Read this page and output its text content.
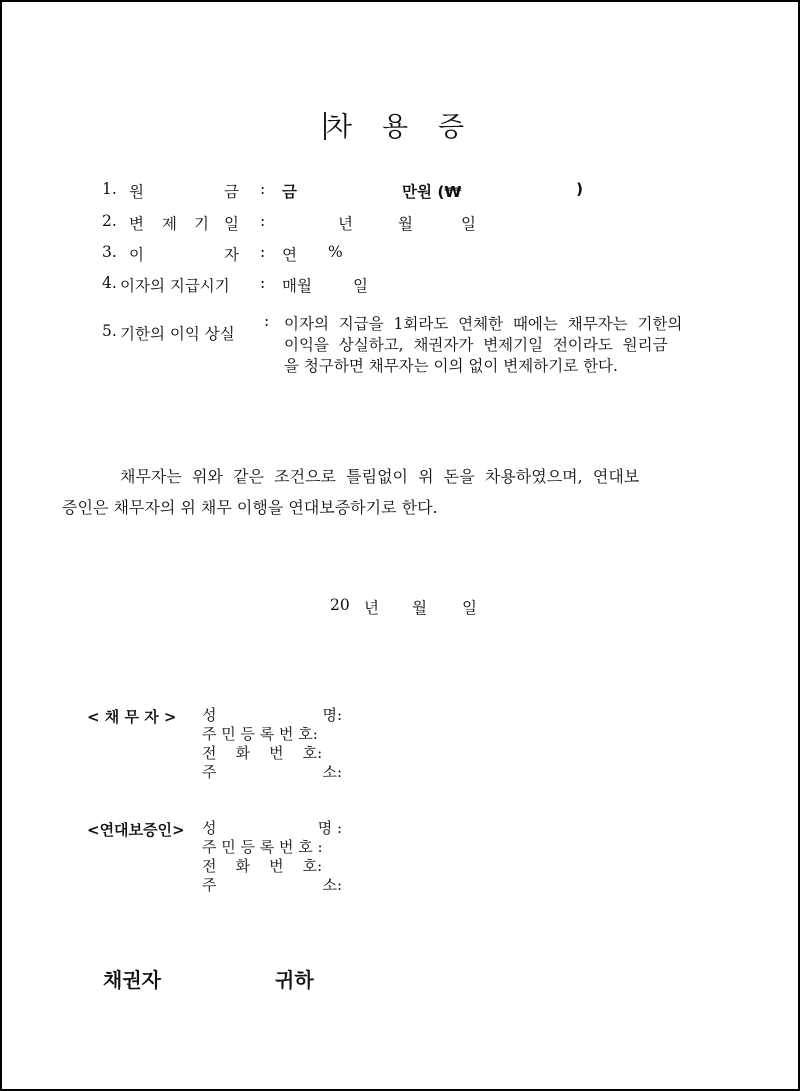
차 용 증
1. 원	금 : 금	만원 (₩	)
2. 변 제 기 일 :	년	월	일
3. 이	자 : 연 %
4. 이자의 지급시기 : 매월	일
5. 기한의 이익 상실
: 이자의  지급을  1회라도  연체한  때에는  채무자는  기한의
이익을  상실하고,  채권자가  변제기일  전이라도  원리금
을 청구하면 채무자는 이의 없이 변제하기로 한다.
채무자는  위와  같은  조건으로  틀림없이  위  돈을  차용하였으며,  연대보
증인은 채무자의 위 채무 이행을 연대보증하기로 한다.
20 년 월 일
< 채 무 자 > 성	명:
주 민 등 록 번 호:
전    화    번    호:
주	소:
<연대보증인> 성	명 :
주 민 등 록 번 호 :
전    화    번    호:
주	소:
채권자	귀하
